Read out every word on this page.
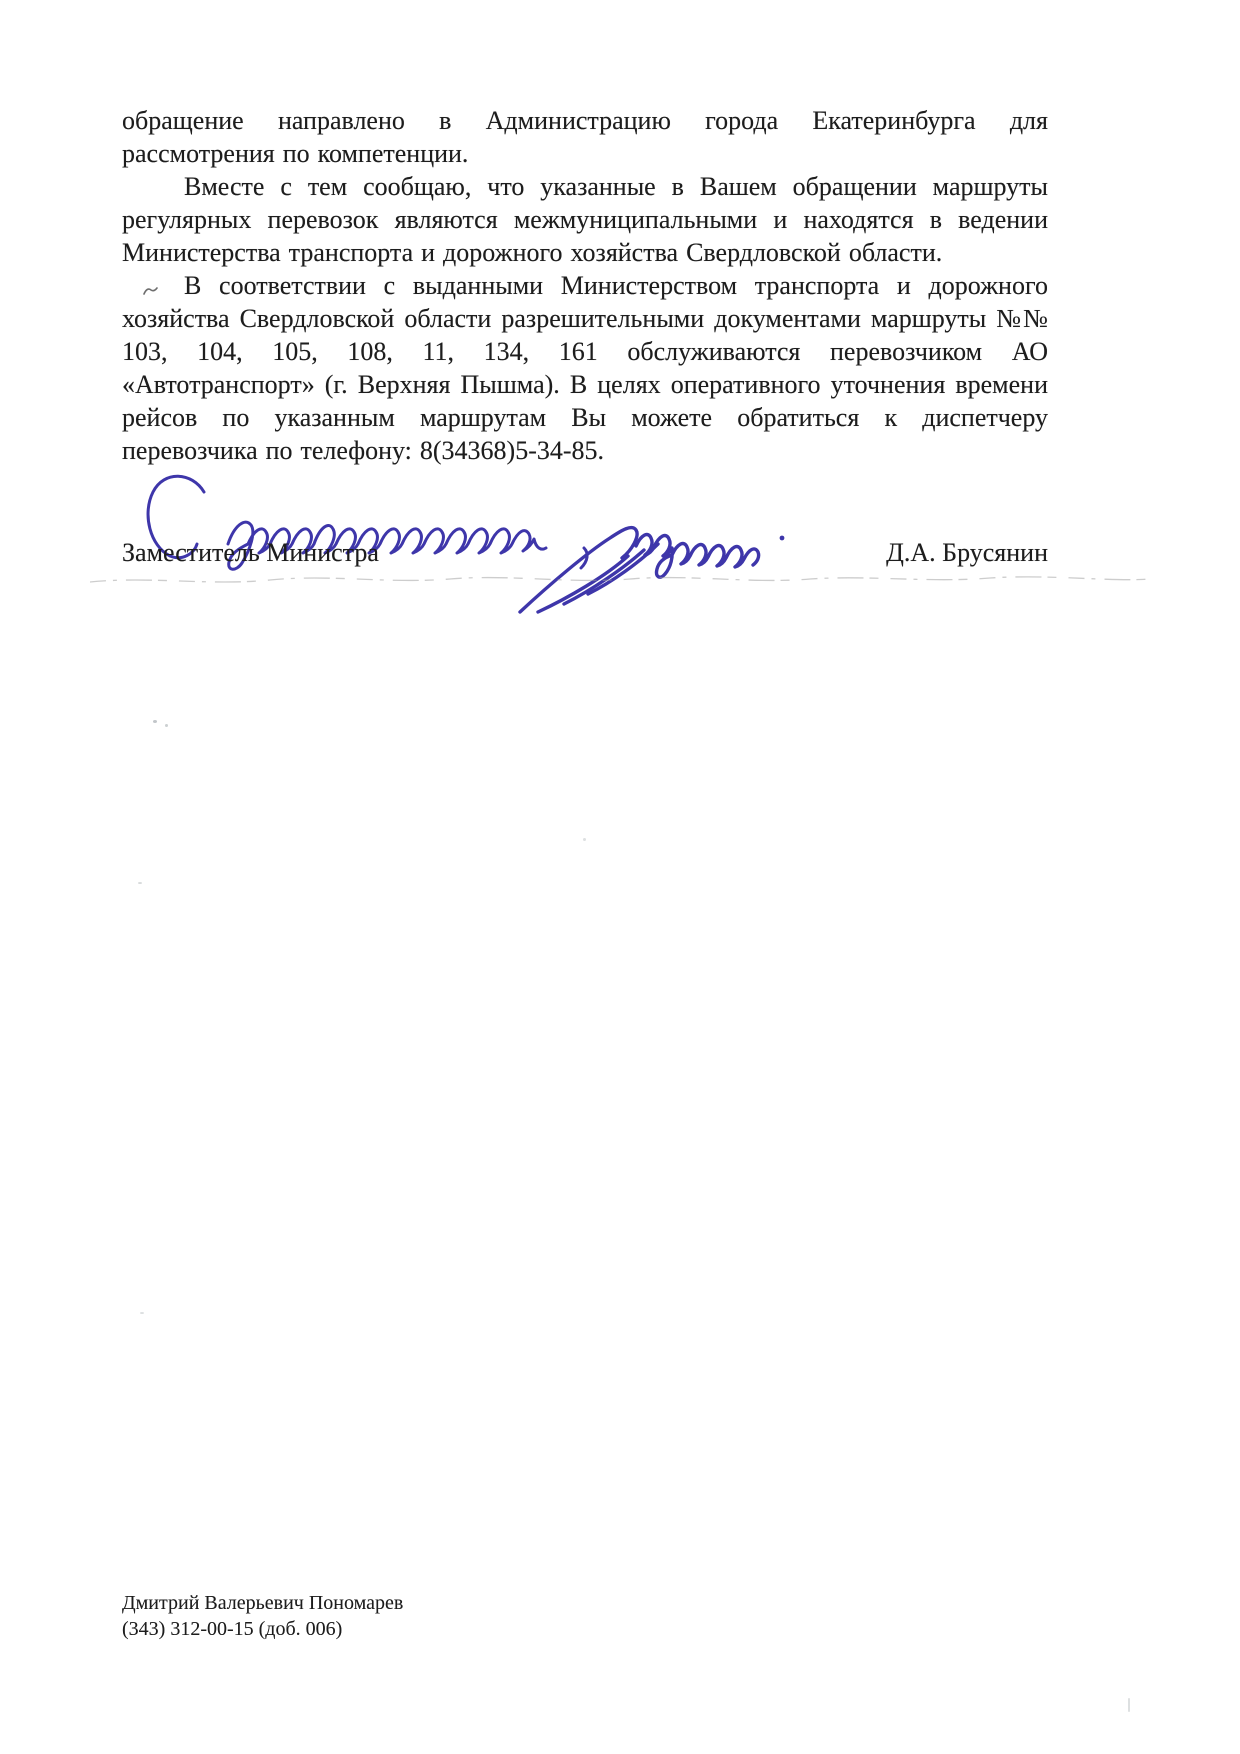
обращение направлено в Администрацию города Екатеринбурга для рассмотрения по компетенции.

Вместе с тем сообщаю, что указанные в Вашем обращении маршруты регулярных перевозок являются межмуниципальными и находятся в ведении Министерства транспорта и дорожного хозяйства Свердловской области.

В соответствии с выданными Министерством транспорта и дорожного хозяйства Свердловской области разрешительными документами маршруты №№ 103, 104, 105, 108, 11, 134, 161 обслуживаются перевозчиком АО «Автотранспорт» (г. Верхняя Пышма). В целях оперативного уточнения времени рейсов по указанным маршрутам Вы можете обратиться к диспетчеру перевозчика по телефону: 8(34368)5-34-85.

Заместитель Министра	Д.А. Брусянин
Дмитрий Валерьевич Пономарев
(343) 312-00-15 (доб. 006)
